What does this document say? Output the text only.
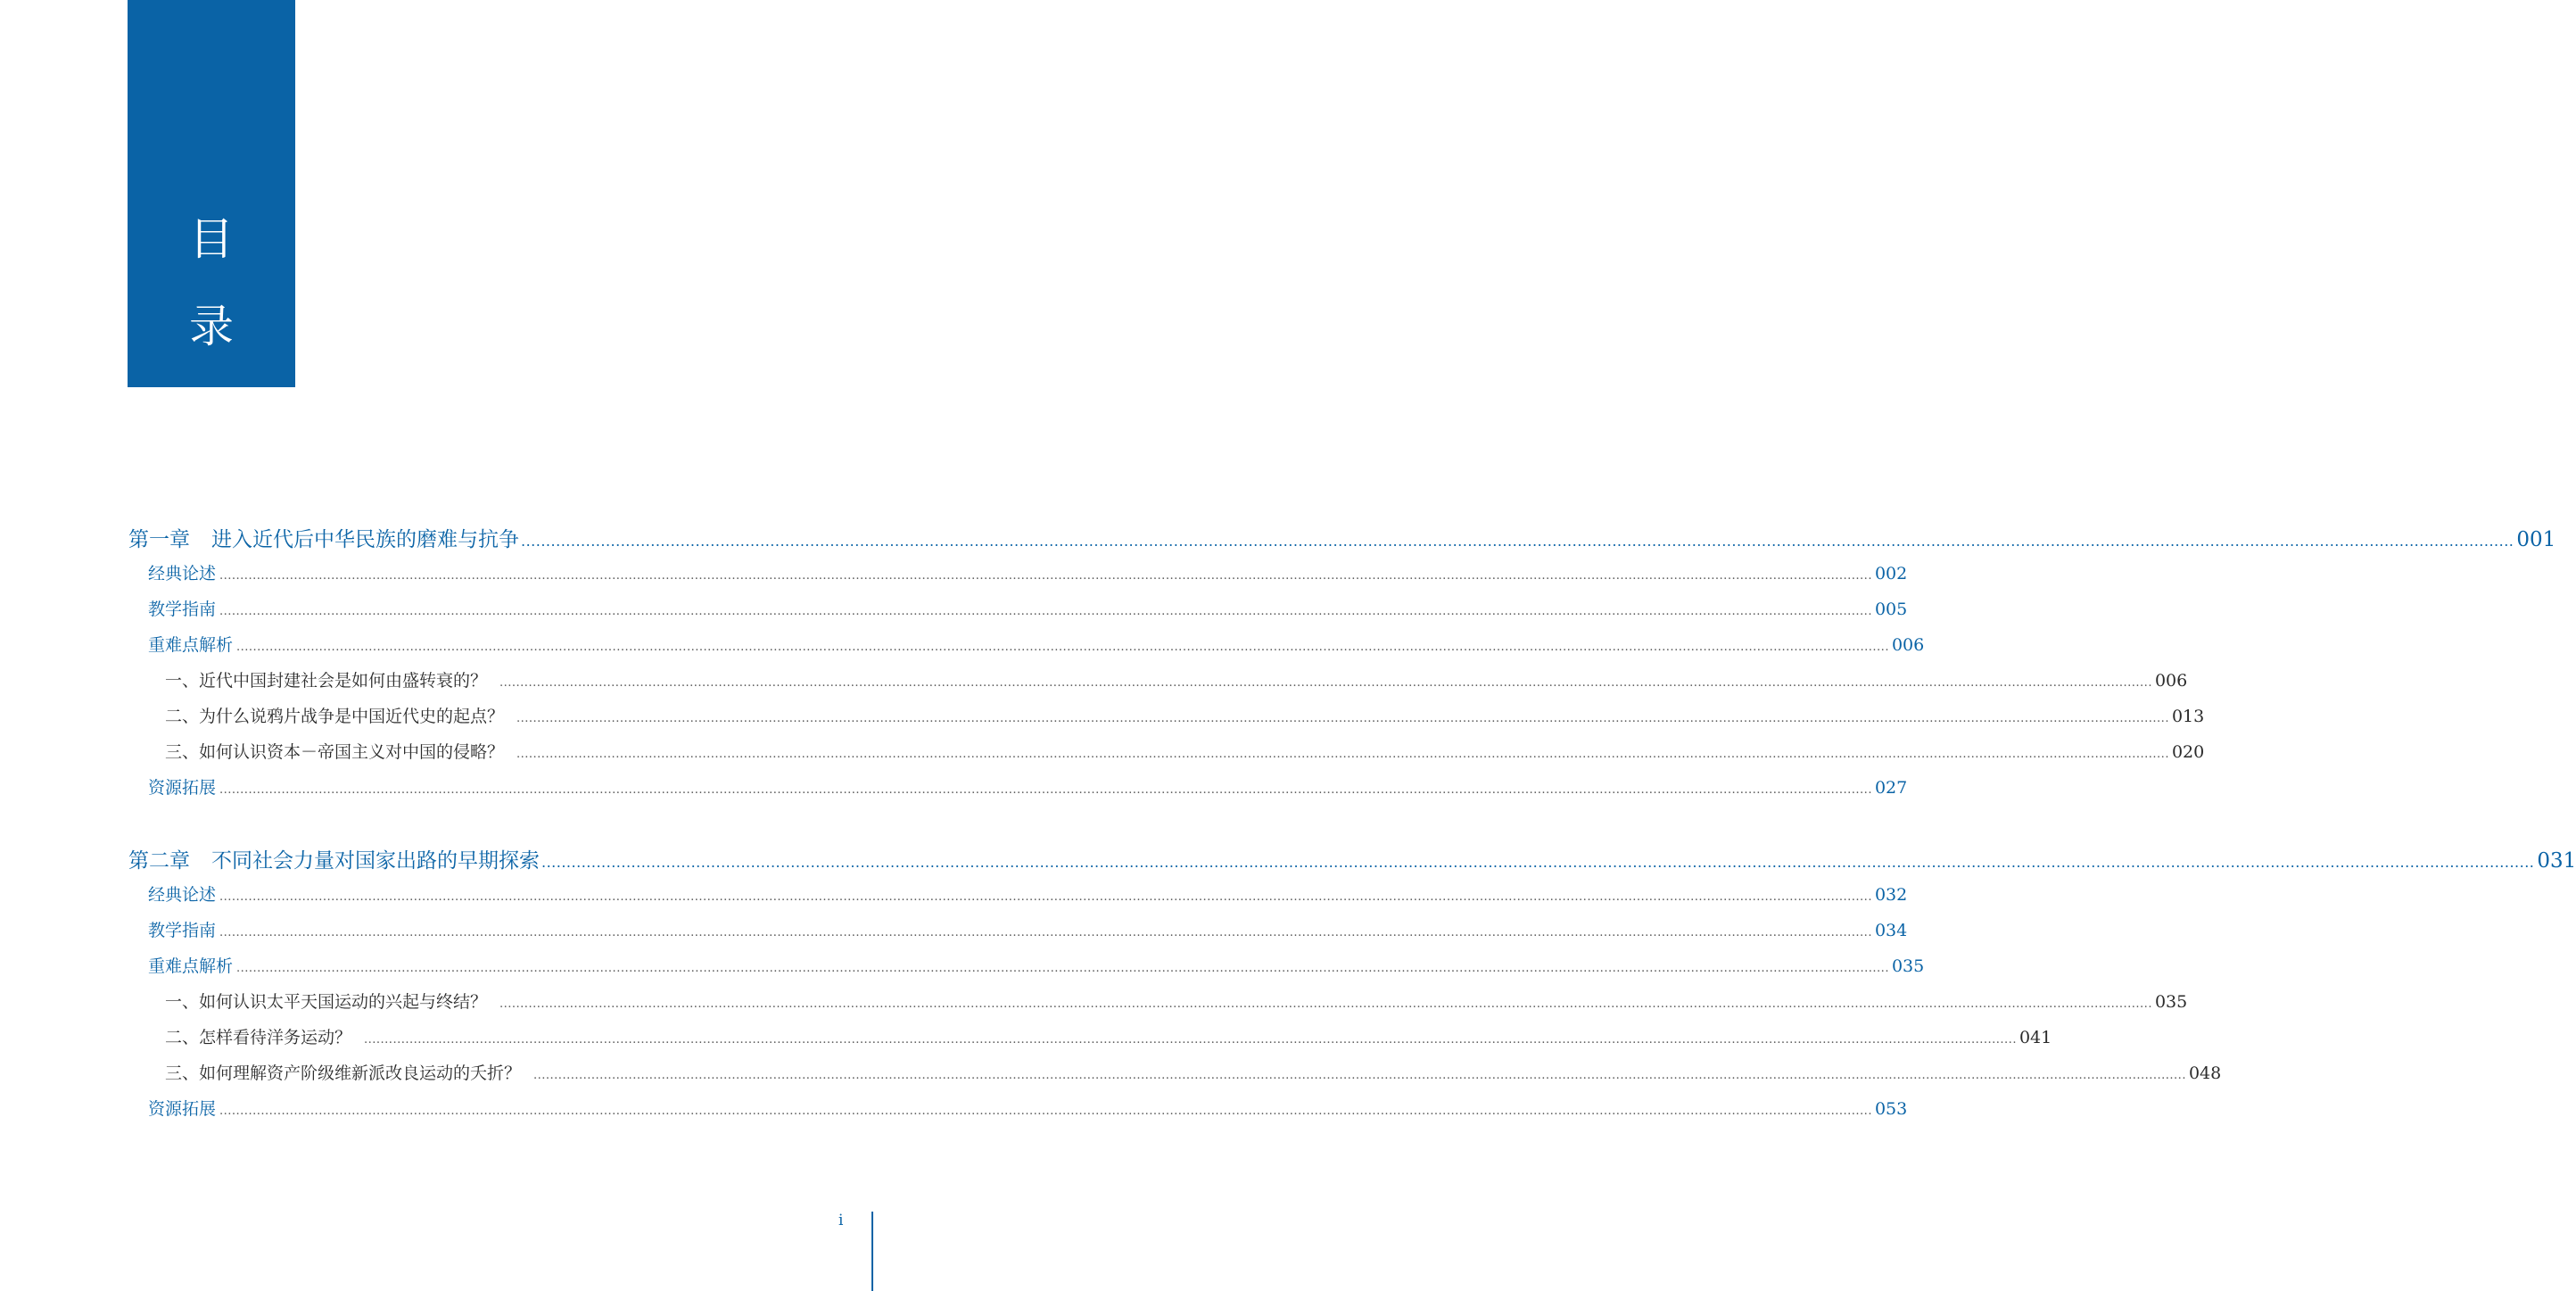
目
录
第一章 进入近代后中华民族的磨难与抗争 ................................................................................................................................................................................................................................................................................................................................................................................................................ 001
经典论述 ................................................................................................................................................................................................................................................................................................................................................................................................................ 002
教学指南 ................................................................................................................................................................................................................................................................................................................................................................................................................ 005
重难点解析 ................................................................................................................................................................................................................................................................................................................................................................................................................ 006
一、近代中国封建社会是如何由盛转衰的？ ................................................................................................................................................................................................................................................................................................................................................................................................................ 006
二、为什么说鸦片战争是中国近代史的起点？ ................................................................................................................................................................................................................................................................................................................................................................................................................ 013
三、如何认识资本－帝国主义对中国的侵略？ ................................................................................................................................................................................................................................................................................................................................................................................................................ 020
资源拓展 ................................................................................................................................................................................................................................................................................................................................................................................................................ 027
第二章 不同社会力量对国家出路的早期探索 ................................................................................................................................................................................................................................................................................................................................................................................................................ 031
经典论述 ................................................................................................................................................................................................................................................................................................................................................................................................................ 032
教学指南 ................................................................................................................................................................................................................................................................................................................................................................................................................ 034
重难点解析 ................................................................................................................................................................................................................................................................................................................................................................................................................ 035
一、如何认识太平天国运动的兴起与终结？ ................................................................................................................................................................................................................................................................................................................................................................................................................ 035
二、怎样看待洋务运动？ ................................................................................................................................................................................................................................................................................................................................................................................................................ 041
三、如何理解资产阶级维新派改良运动的夭折？ ................................................................................................................................................................................................................................................................................................................................................................................................................ 048
资源拓展 ................................................................................................................................................................................................................................................................................................................................................................................................................ 053
i
